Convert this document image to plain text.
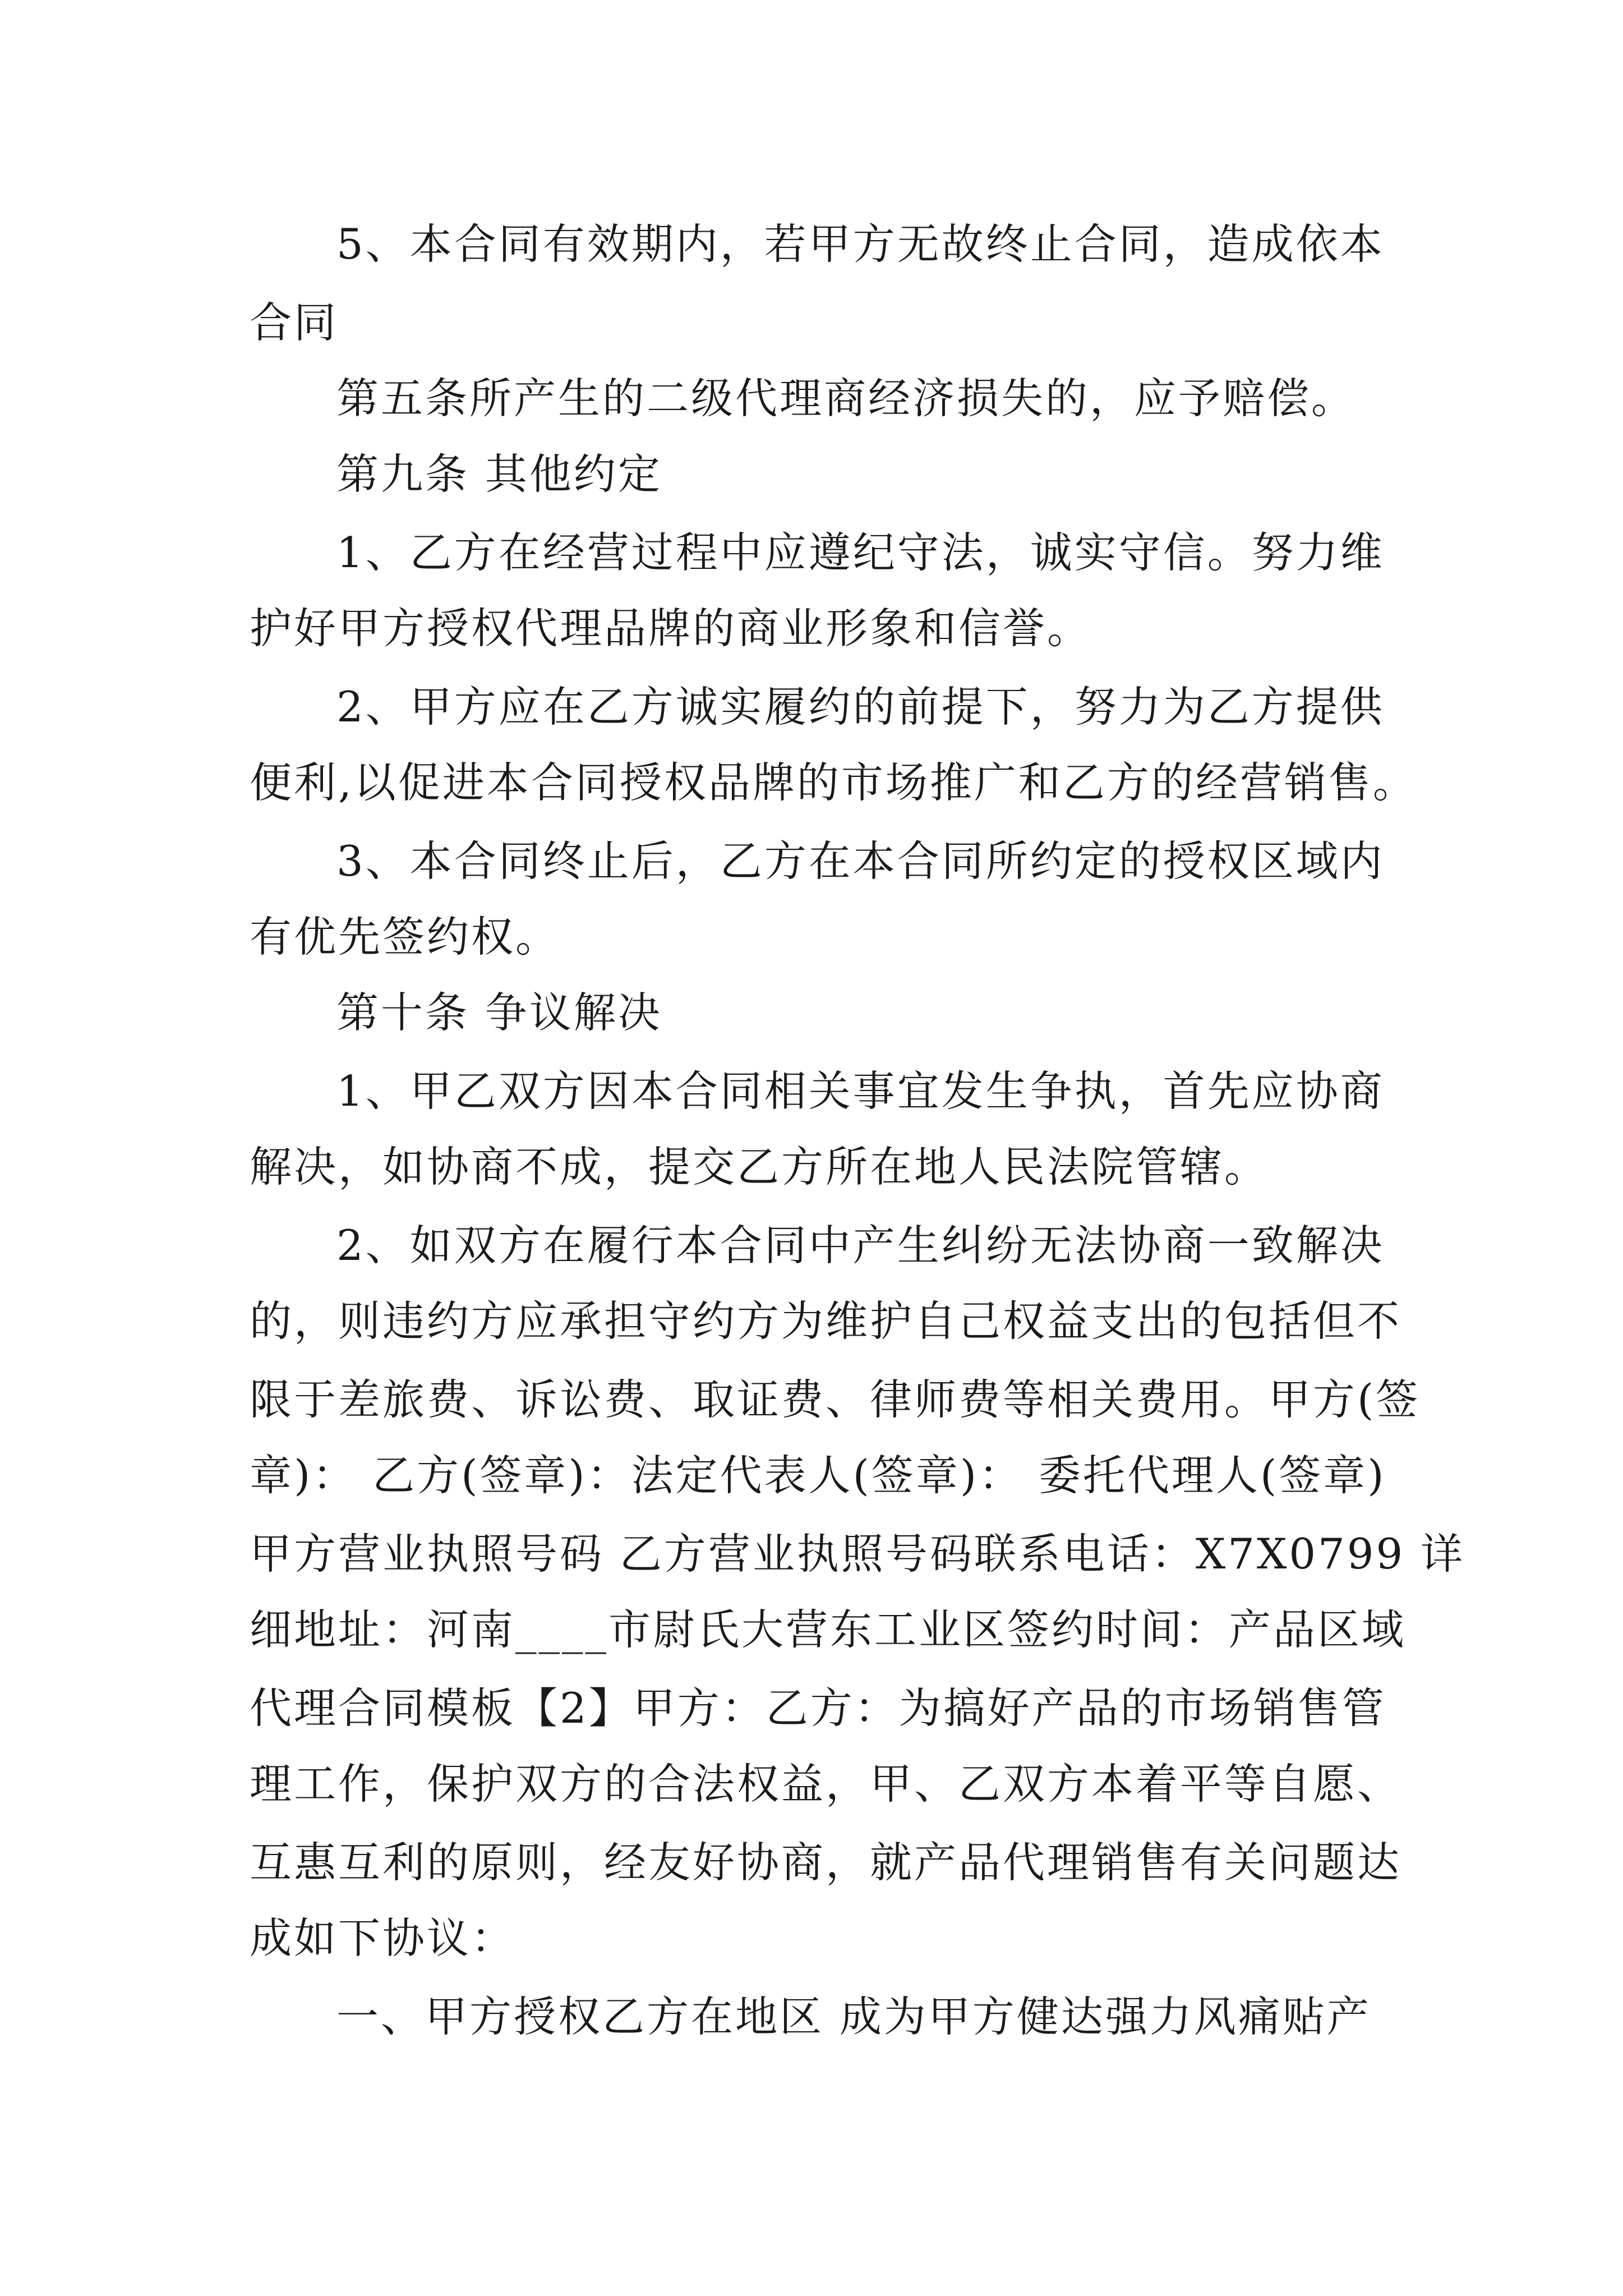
5、本合同有效期内，若甲方无故终止合同，造成依本

合同

第五条所产生的二级代理商经济损失的，应予赔偿。

第九条 其他约定

1、乙方在经营过程中应遵纪守法，诚实守信。努力维

护好甲方授权代理品牌的商业形象和信誉。

2、甲方应在乙方诚实履约的前提下，努力为乙方提供

便利,以促进本合同授权品牌的市场推广和乙方的经营销售。

3、本合同终止后，乙方在本合同所约定的授权区域内

有优先签约权。

第十条 争议解决

1、甲乙双方因本合同相关事宜发生争执，首先应协商

解决，如协商不成，提交乙方所在地人民法院管辖。

2、如双方在履行本合同中产生纠纷无法协商一致解决

的，则违约方应承担守约方为维护自己权益支出的包括但不

限于差旅费、诉讼费、取证费、律师费等相关费用。甲方(签

章)： 乙方(签章)：法定代表人(签章)： 委托代理人(签章)

甲方营业执照号码 乙方营业执照号码联系电话：X7X0799 详

细地址：河南____市尉氏大营东工业区签约时间：产品区域

代理合同模板【2】甲方：乙方：为搞好产品的市场销售管

理工作，保护双方的合法权益，甲、乙双方本着平等自愿、

互惠互利的原则，经友好协商，就产品代理销售有关问题达

成如下协议：

一、甲方授权乙方在地区 成为甲方健达强力风痛贴产
